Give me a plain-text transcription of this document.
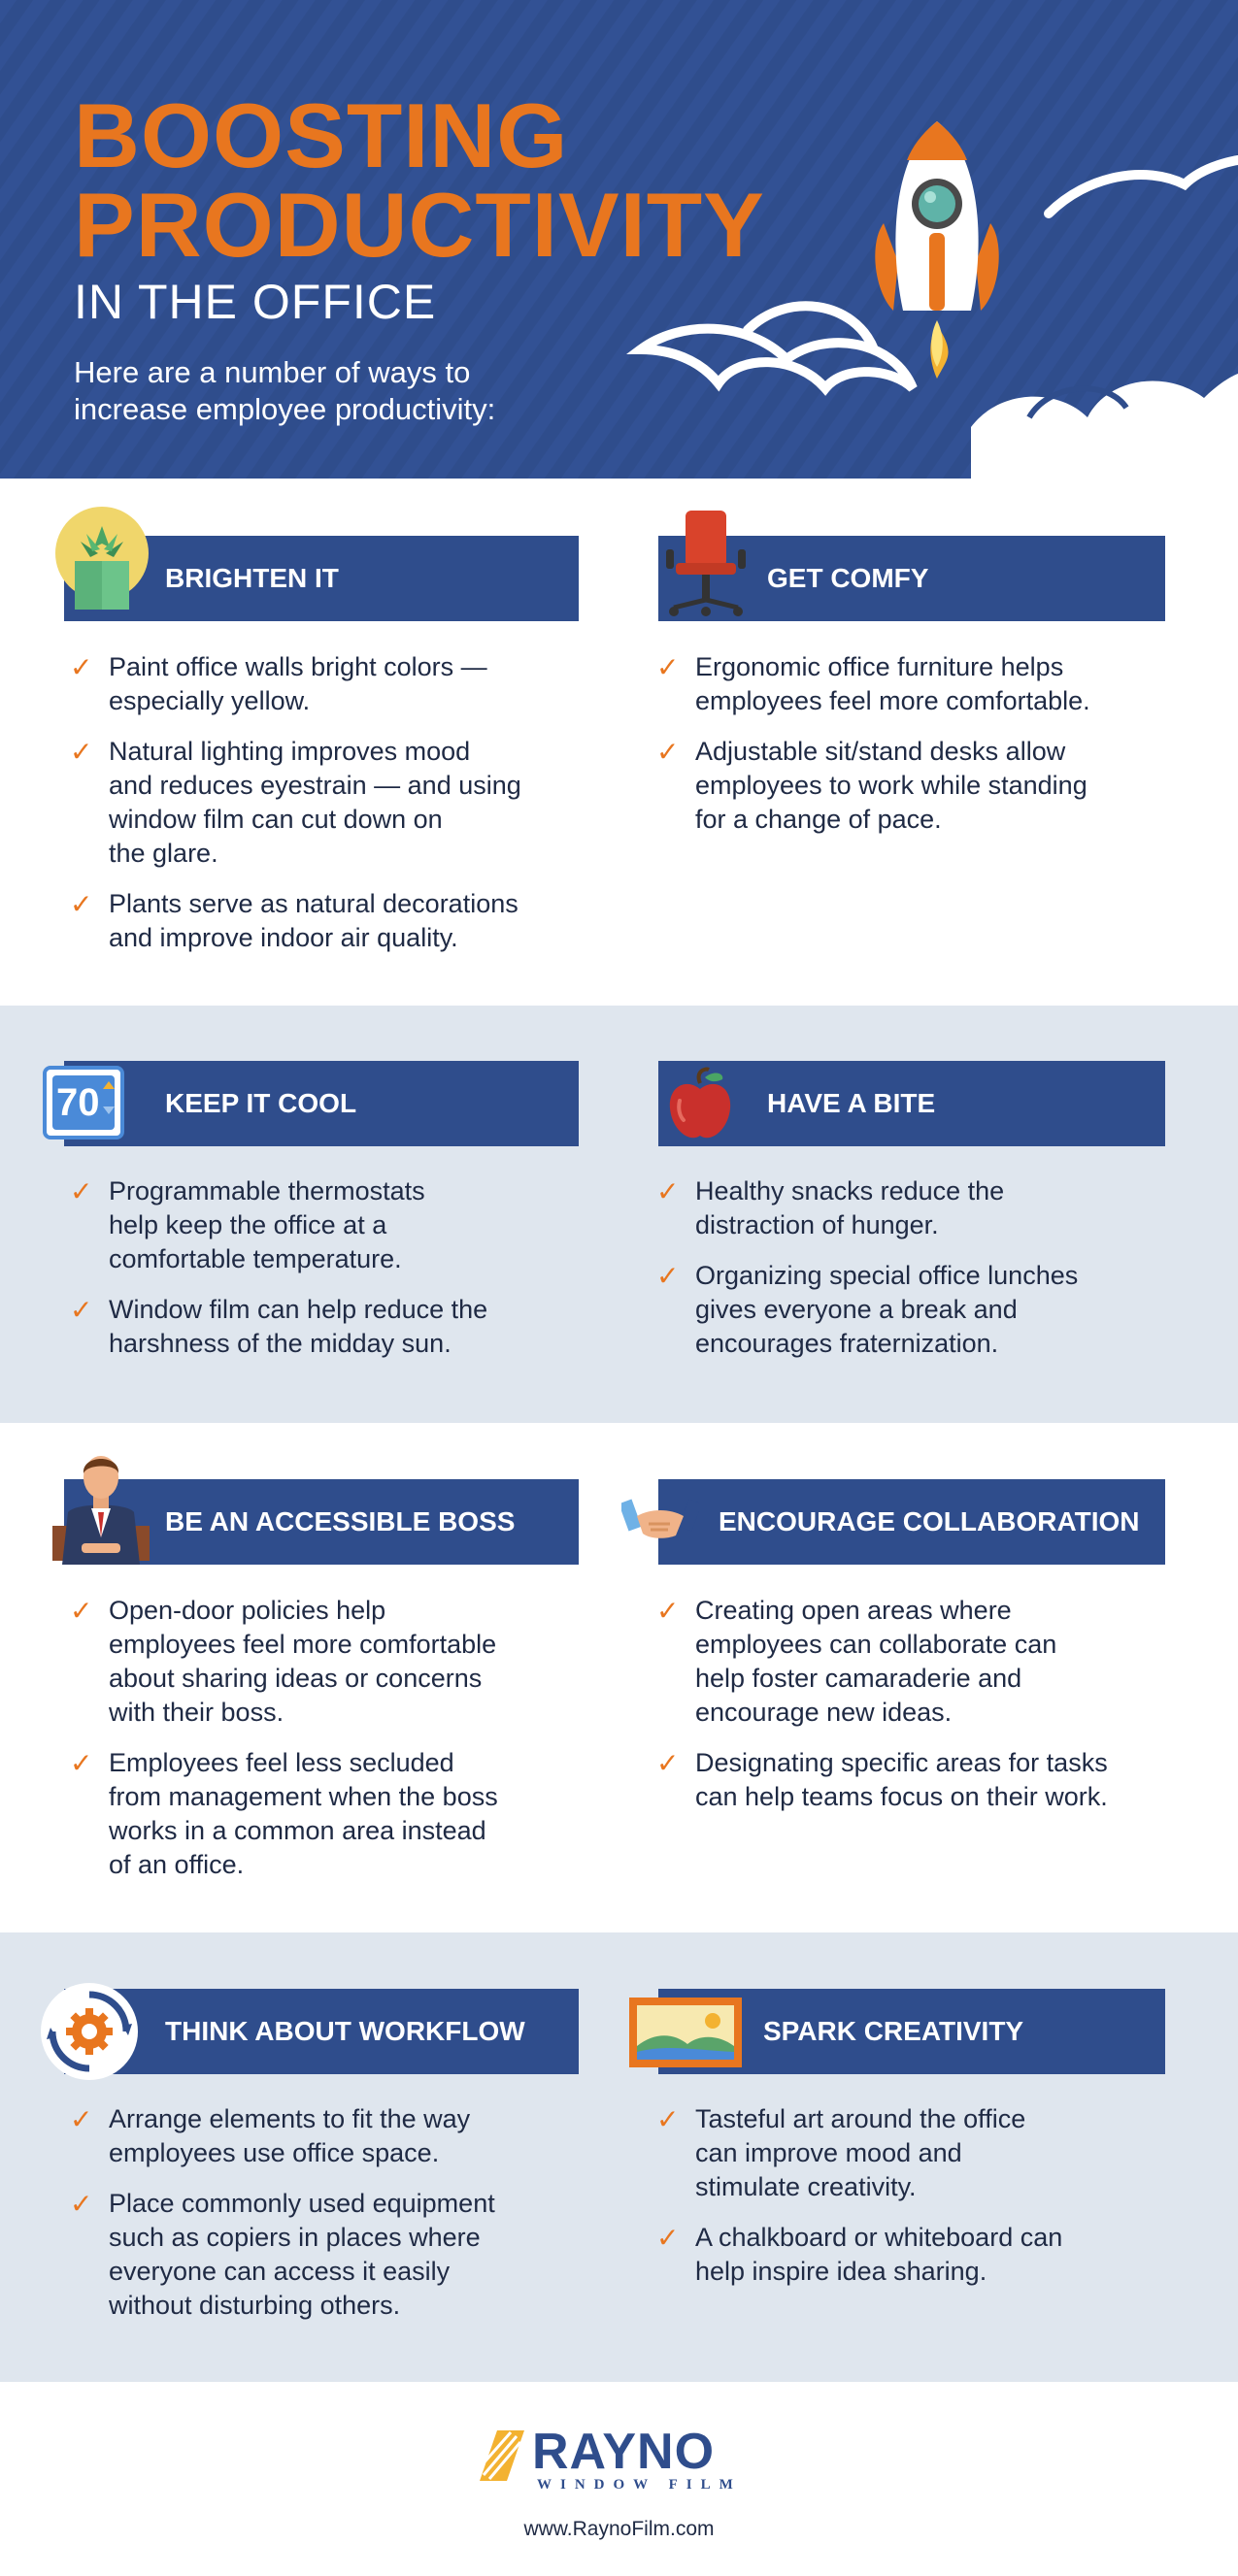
BOOSTING
PRODUCTIVITY
IN THE OFFICE
Here are a number of ways to
increase employee productivity:
BRIGHTEN IT
✓ Paint office walls bright colors —
especially yellow.
✓ Natural lighting improves mood
and reduces eyestrain — and using
window film can cut down on
the glare.
✓ Plants serve as natural decorations
and improve indoor air quality.
GET COMFY
✓ Ergonomic office furniture helps
employees feel more comfortable.
✓ Adjustable sit/stand desks allow
employees to work while standing
for a change of pace.
KEEP IT COOL
70
✓ Programmable thermostats
help keep the office at a
comfortable temperature.
✓ Window film can help reduce the
harshness of the midday sun.
HAVE A BITE
✓ Healthy snacks reduce the
distraction of hunger.
✓ Organizing special office lunches
gives everyone a break and
encourages fraternization.
BE AN ACCESSIBLE BOSS
✓ Open-door policies help
employees feel more comfortable
about sharing ideas or concerns
with their boss.
✓ Employees feel less secluded
from management when the boss
works in a common area instead
of an office.
ENCOURAGE COLLABORATION
✓ Creating open areas where
employees can collaborate can
help foster camaraderie and
encourage new ideas.
✓ Designating specific areas for tasks
can help teams focus on their work.
THINK ABOUT WORKFLOW
✓ Arrange elements to fit the way
employees use office space.
✓ Place commonly used equipment
such as copiers in places where
everyone can access it easily
without disturbing others.
SPARK CREATIVITY
✓ Tasteful art around the office
can improve mood and
stimulate creativity.
✓ A chalkboard or whiteboard can
help inspire idea sharing.
RAYNO
WINDOW FILM
www.RaynoFilm.com
